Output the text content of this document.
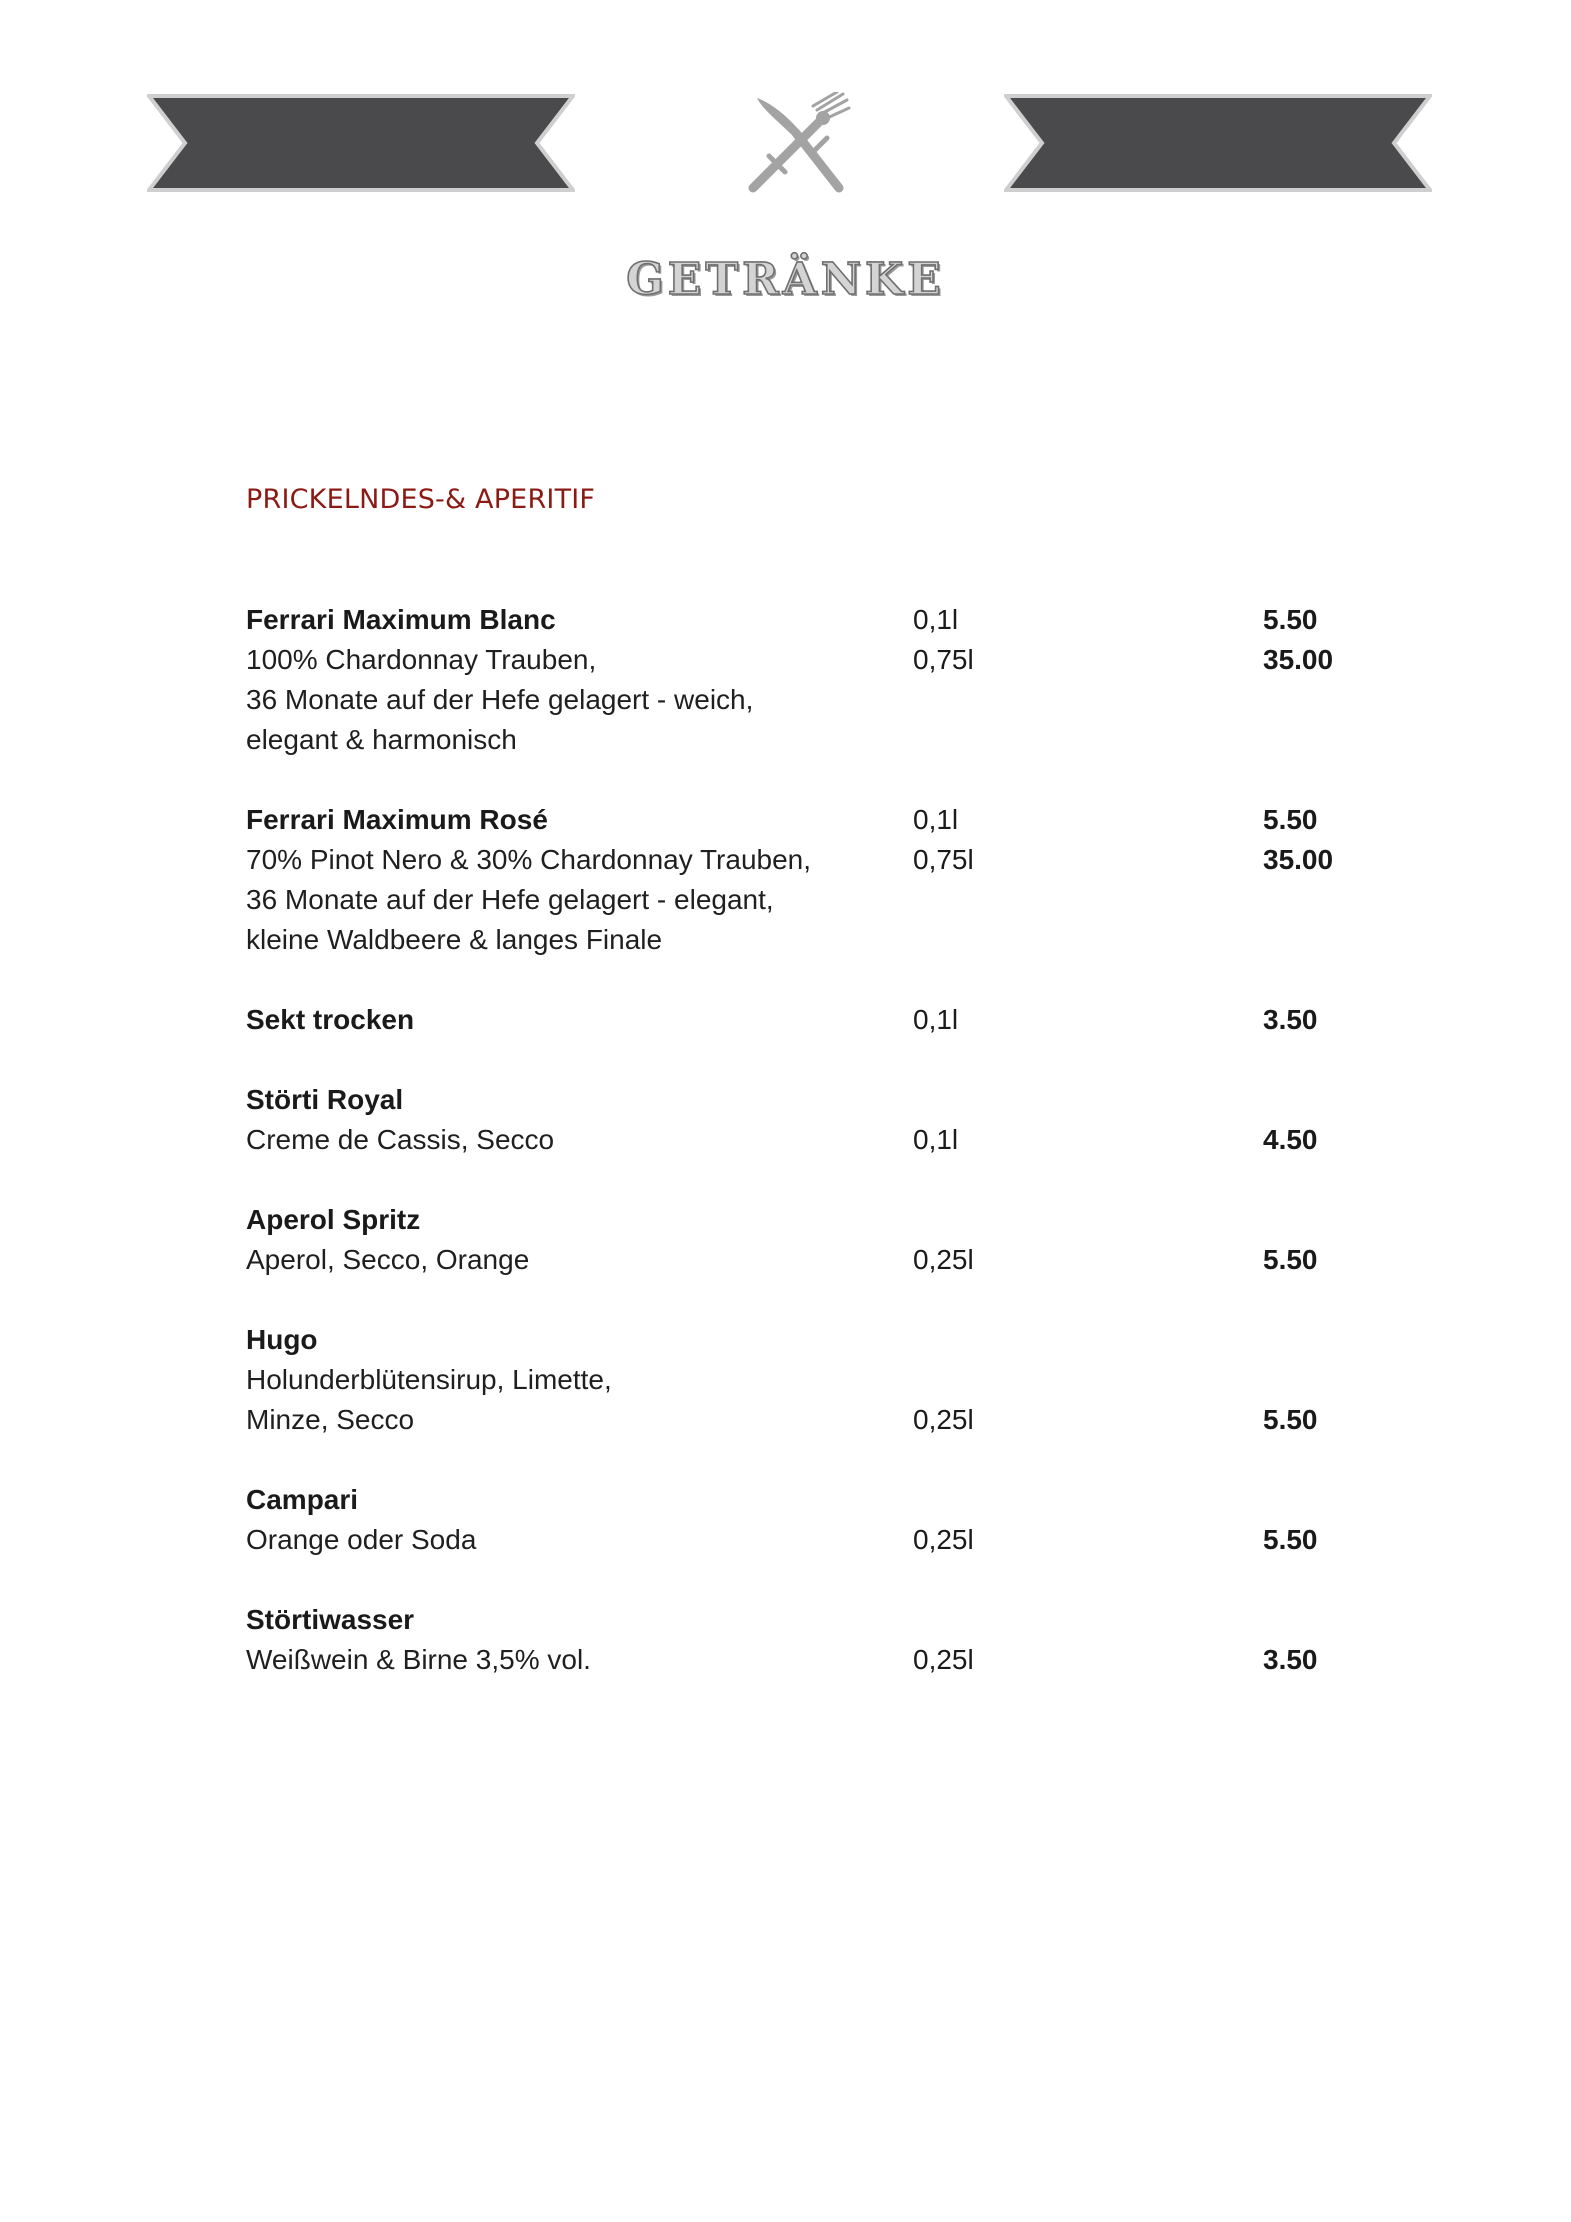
GETRÄNKE
PRICKELNDES-& APERITIF
Ferrari Maximum Blanc	0,1l	5.50
100% Chardonnay Trauben,	0,75l	35.00
36 Monate auf der Hefe gelagert - weich,
elegant & harmonisch
Ferrari Maximum Rosé	0,1l	5.50
70% Pinot Nero & 30% Chardonnay Trauben,	0,75l	35.00
36 Monate auf der Hefe gelagert - elegant,
kleine Waldbeere & langes Finale
Sekt trocken	0,1l	3.50
Störti Royal
Creme de Cassis, Secco	0,1l	4.50
Aperol Spritz
Aperol, Secco, Orange	0,25l	5.50
Hugo
Holunderblütensirup, Limette,
Minze, Secco	0,25l	5.50
Campari
Orange oder Soda	0,25l	5.50
Störtiwasser
Weißwein & Birne 3,5% vol.	0,25l	3.50
